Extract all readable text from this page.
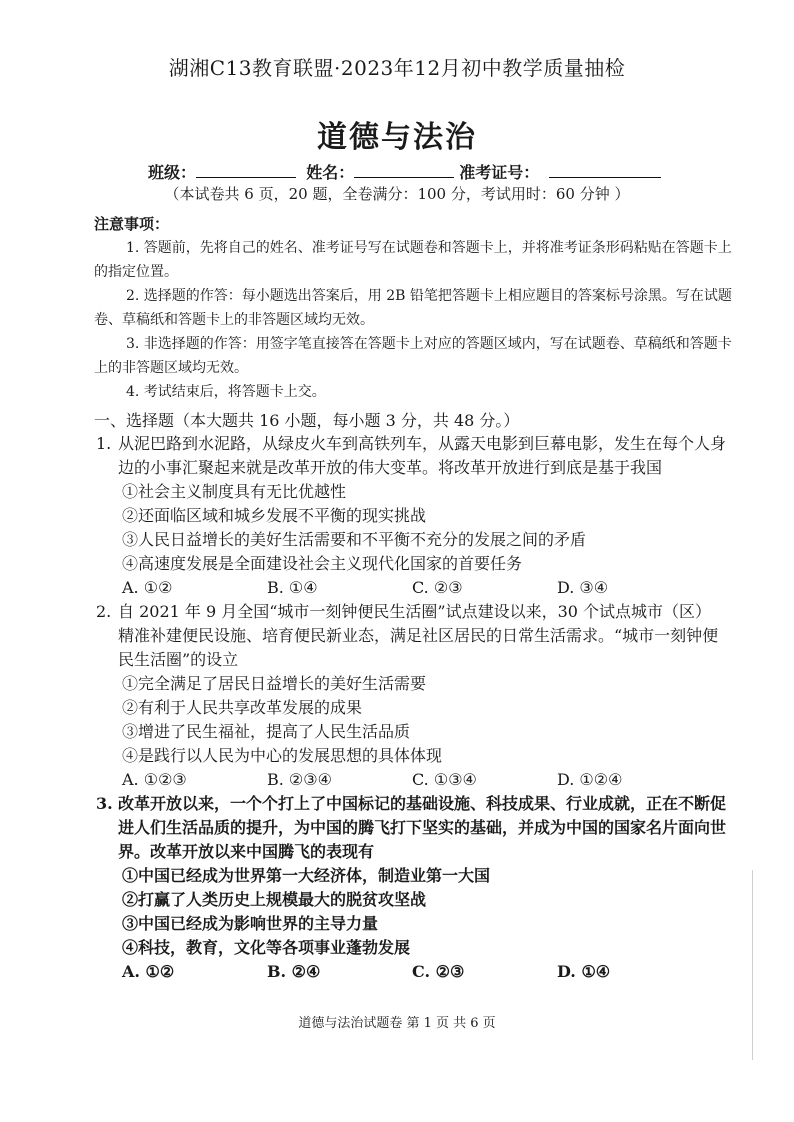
湖湘C13教育联盟·2023年12月初中教学质量抽检
道德与法治
班级：	姓名：	准考证号：
（本试卷共 6 页，20 题，全卷满分：100 分，考试用时：60 分钟 ）

注意事项：

1. 答题前，先将自己的姓名、准考证号写在试题卷和答题卡上，并将准考证条形码粘贴在答题卡上的指定位置。

2. 选择题的作答：每小题选出答案后，用 2B 铅笔把答题卡上相应题目的答案标号涂黑。写在试题卷、草稿纸和答题卡上的非答题区域均无效。

3. 非选择题的作答：用签字笔直接答在答题卡上对应的答题区域内，写在试题卷、草稿纸和答题卡上的非答题区域均无效。

4. 考试结束后，将答题卡上交。

一、选择题（本大题共 16 小题，每小题 3 分，共 48 分。）
1. 从泥巴路到水泥路，从绿皮火车到高铁列车，从露天电影到巨幕电影，发生在每个人身边的小事汇聚起来就是改革开放的伟大变革。将改革开放进行到底是基于我国
①社会主义制度具有无比优越性
②还面临区域和城乡发展不平衡的现实挑战
③人民日益增长的美好生活需要和不平衡不充分的发展之间的矛盾
④高速度发展是全面建设社会主义现代化国家的首要任务
A. ①②	B. ①④	C. ②③	D. ③④
2. 自 2021 年 9 月全国“城市一刻钟便民生活圈”试点建设以来，30 个试点城市（区）精准补建便民设施、培育便民新业态，满足社区居民的日常生活需求。“城市一刻钟便民生活圈”的设立
①完全满足了居民日益增长的美好生活需要
②有利于人民共享改革发展的成果
③增进了民生福祉，提高了人民生活品质
④是践行以人民为中心的发展思想的具体体现
A. ①②③	B. ②③④	C. ①③④	D. ①②④
3. 改革开放以来，一个个打上了中国标记的基础设施、科技成果、行业成就，正在不断促进人们生活品质的提升，为中国的腾飞打下坚实的基础，并成为中国的国家名片面向世界。改革开放以来中国腾飞的表现有
①中国已经成为世界第一大经济体，制造业第一大国
②打赢了人类历史上规模最大的脱贫攻坚战
③中国已经成为影响世界的主导力量
④科技，教育，文化等各项事业蓬勃发展
A. ①②	B. ②④	C. ②③	D. ①④
道德与法治试题卷 第 1 页 共 6 页
